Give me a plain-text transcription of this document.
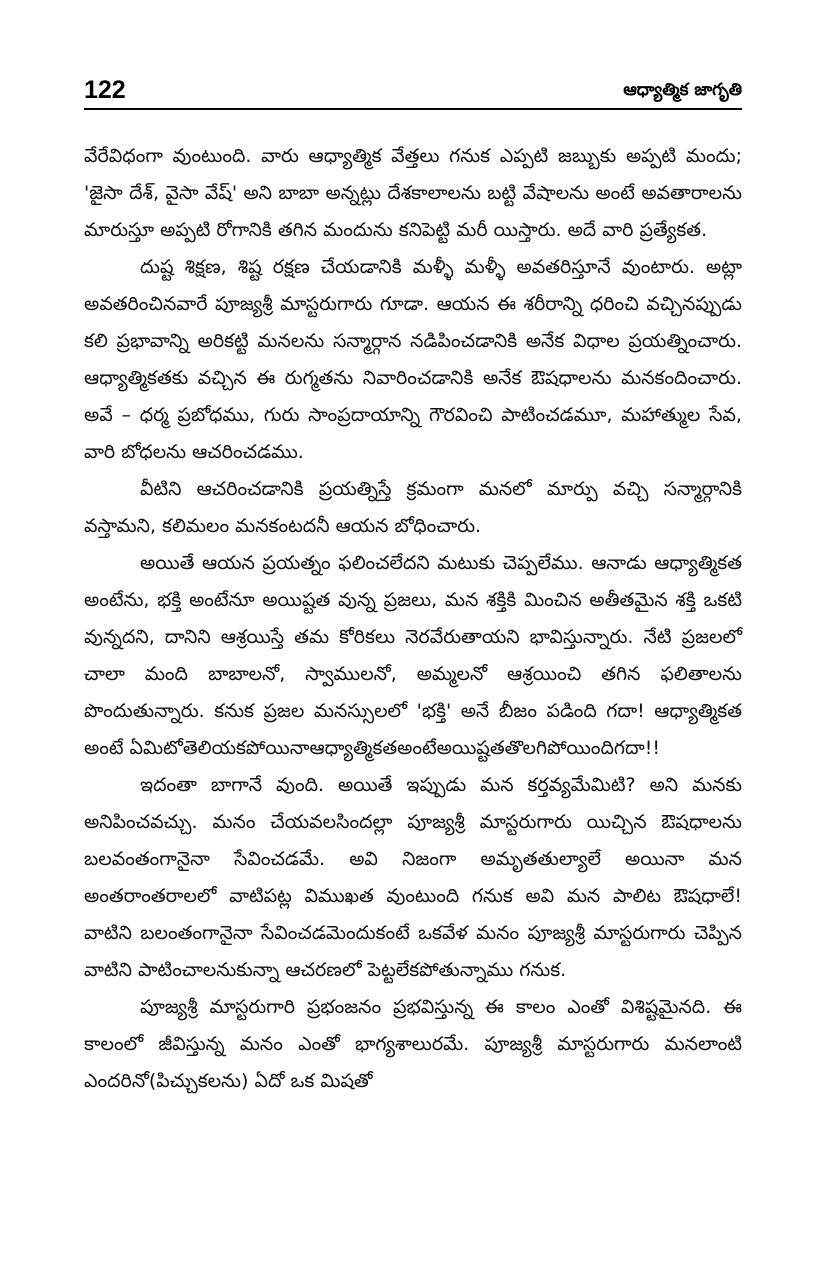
122	ఆధ్యాత్మిక జాగృతి

వేరేవిధంగా వుంటుంది. వారు ఆధ్యాత్మిక వేత్తలు గనుక ఎప్పటి జబ్బుకు అప్పటి మందు; 'జైసా దేశ్, వైసా వేష్' అని బాబా అన్నట్లు దేశకాలాలను బట్టి వేషాలను అంటే అవతారాలను మారుస్తూ అప్పటి రోగానికి తగిన మందును కనిపెట్టి మరీ యిస్తారు. అదే వారి ప్రత్యేకత.

దుష్ట శిక్షణ, శిష్ట రక్షణ చేయడానికి మళ్ళీ మళ్ళీ అవతరిస్తూనే వుంటారు. అట్లా అవతరించినవారే పూజ్యశ్రీ మాస్టరుగారు గూడా. ఆయన ఈ శరీరాన్ని ధరించి వచ్చినప్పుడు కలి ప్రభావాన్ని అరికట్టి మనలను సన్మార్గాన నడిపించడానికి అనేక విధాల ప్రయత్నించారు. ఆధ్యాత్మికతకు వచ్చిన ఈ రుగ్మతను నివారించడానికి అనేక ఔషధాలను మనకందించారు. అవే – ధర్మ ప్రబోధము, గురు సాంప్రదాయాన్ని గౌరవించి పాటించడమూ, మహాత్ముల సేవ, వారి బోధలను ఆచరించడము.

వీటిని ఆచరించడానికి ప్రయత్నిస్తే క్రమంగా మనలో మార్పు వచ్చి సన్మార్గానికి వస్తామని, కలిమలం మనకంటదనీ ఆయన బోధించారు.

అయితే ఆయన ప్రయత్నం ఫలించలేదని మటుకు చెప్పలేము. ఆనాడు ఆధ్యాత్మికత అంటేను, భక్తి అంటేనూ అయిష్టత వున్న ప్రజలు, మన శక్తికి మించిన అతీతమైన శక్తి ఒకటి వున్నదని, దానిని ఆశ్రయిస్తే తమ కోరికలు నెరవేరుతాయని భావిస్తున్నారు. నేటి ప్రజలలో చాలా మంది బాబాలనో, స్వాములనో, అమ్మలనో ఆశ్రయించి తగిన ఫలితాలను పొందుతున్నారు. కనుక ప్రజల మనస్సులలో 'భక్తి' అనే బీజం పడింది గదా! ఆధ్యాత్మికత అంటే ఏమిటోతెలియకపోయినాఆధ్యాత్మికతఅంటేఅయిష్టతతొలగిపోయిందిగదా!!

ఇదంతా బాగానే వుంది. అయితే ఇప్పుడు మన కర్తవ్యమేమిటి? అని మనకు అనిపించవచ్చు. మనం చేయవలసిందల్లా పూజ్యశ్రీ మాస్టరుగారు యిచ్చిన ఔషధాలను బలవంతంగానైనా సేవించడమే. అవి నిజంగా అమృతతుల్యాలే అయినా మన అంతరాంతరాలలో వాటిపట్ల విముఖత వుంటుంది గనుక అవి మన పాలిట ఔషధాలే! వాటిని బలంతంగానైనా సేవించడమెందుకంటే ఒకవేళ మనం పూజ్యశ్రీ మాస్టరుగారు చెప్పిన వాటిని పాటించాలనుకున్నా ఆచరణలో పెట్టలేకపోతున్నాము గనుక.

పూజ్యశ్రీ మాస్టరుగారి ప్రభంజనం ప్రభవిస్తున్న ఈ కాలం ఎంతో విశిష్టమైనది. ఈ కాలంలో జీవిస్తున్న మనం ఎంతో భాగ్యశాలురమే. పూజ్యశ్రీ మాస్టరుగారు మనలాంటి ఎందరినో(పిచ్చుకలను) ఏదో ఒక మిషతో
